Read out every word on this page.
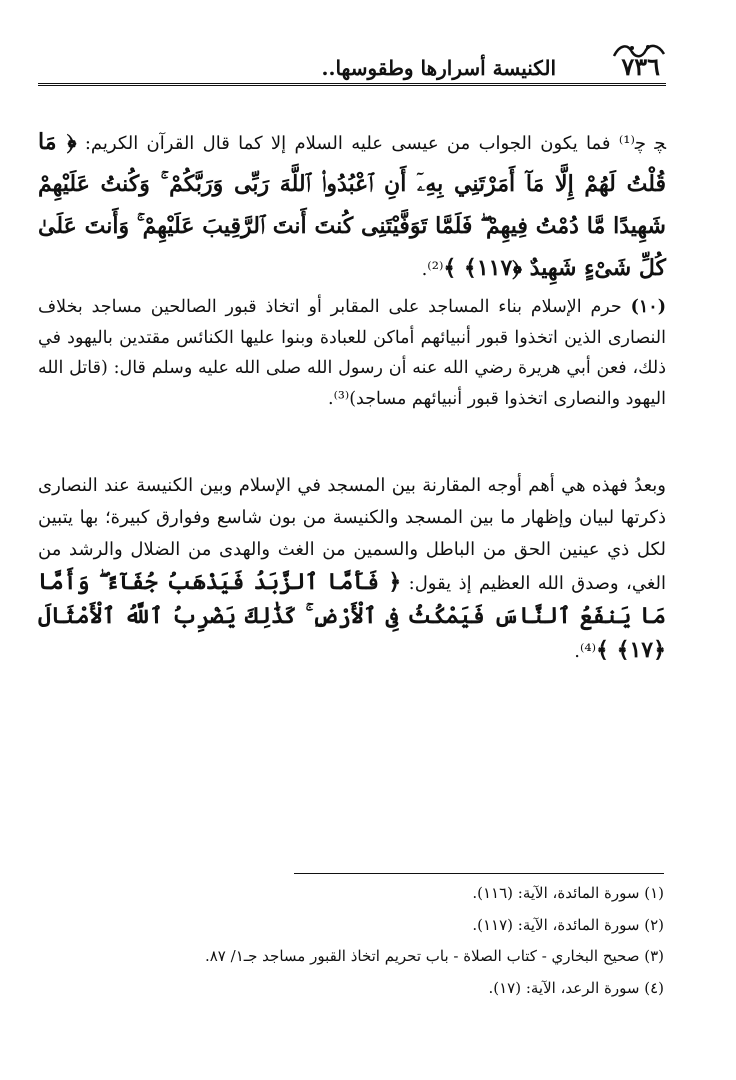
٧٣٦
الكنيسة أسرارها وطقوسها..
ﭽ ﭼ⁽¹⁾ فما يكون الجواب من عيسى عليه السلام إلا كما قال القرآن الكريم: ﴿ مَا قُلْتُ لَهُمْ إِلَّا مَآ أَمَرْتَنِي بِهِۦٓ أَنِ ٱعْبُدُوا۟ ٱللَّهَ رَبِّى وَرَبَّكُمْ ۚ وَكُنتُ عَلَيْهِمْ شَهِيدًا مَّا دُمْتُ فِيهِمْ ۖ فَلَمَّا تَوَفَّيْتَنِى كُنتَ أَنتَ ٱلرَّقِيبَ عَلَيْهِمْ ۚ وَأَنتَ عَلَىٰ كُلِّ شَىْءٍ شَهِيدٌ ﴿١١٧﴾ ﴾⁽²⁾.
(١٠) حرم الإسلام بناء المساجد على المقابر أو اتخاذ قبور الصالحين مساجد بخلاف النصارى الذين اتخذوا قبور أنبيائهم أماكن للعبادة وبنوا عليها الكنائس مقتدين باليهود في ذلك، فعن أبي هريرة رضي الله عنه أن رسول الله صلى الله عليه وسلم قال: (قاتل الله اليهود والنصارى اتخذوا قبور أنبيائهم مساجد)⁽³⁾.
وبعدُ فهذه هي أهم أوجه المقارنة بين المسجد في الإسلام وبين الكنيسة عند النصارى ذكرتها لبيان وإظهار ما بين المسجد والكنيسة من بون شاسع وفوارق كبيرة؛ بها يتبين لكل ذي عينين الحق من الباطل والسمين من الغث والهدى من الضلال والرشد من الغي، وصدق الله العظيم إذ يقول: ﴿ فَأَمَّا ٱلزَّبَدُ فَيَذْهَبُ جُفَآءً ۖ وَأَمَّا مَا يَنفَعُ ٱلنَّاسَ فَيَمْكُثُ فِى ٱلْأَرْضِ ۚ كَذَٰلِكَ يَضْرِبُ ٱللَّهُ ٱلْأَمْثَالَ ﴿١٧﴾ ﴾⁽⁴⁾.
(١) سورة المائدة، الآية: (١١٦).
(٢) سورة المائدة، الآية: (١١٧).
(٣) صحيح البخاري - كتاب الصلاة - باب تحريم اتخاذ القبور مساجد جـ١/ ٨٧.
(٤) سورة الرعد، الآية: (١٧).
